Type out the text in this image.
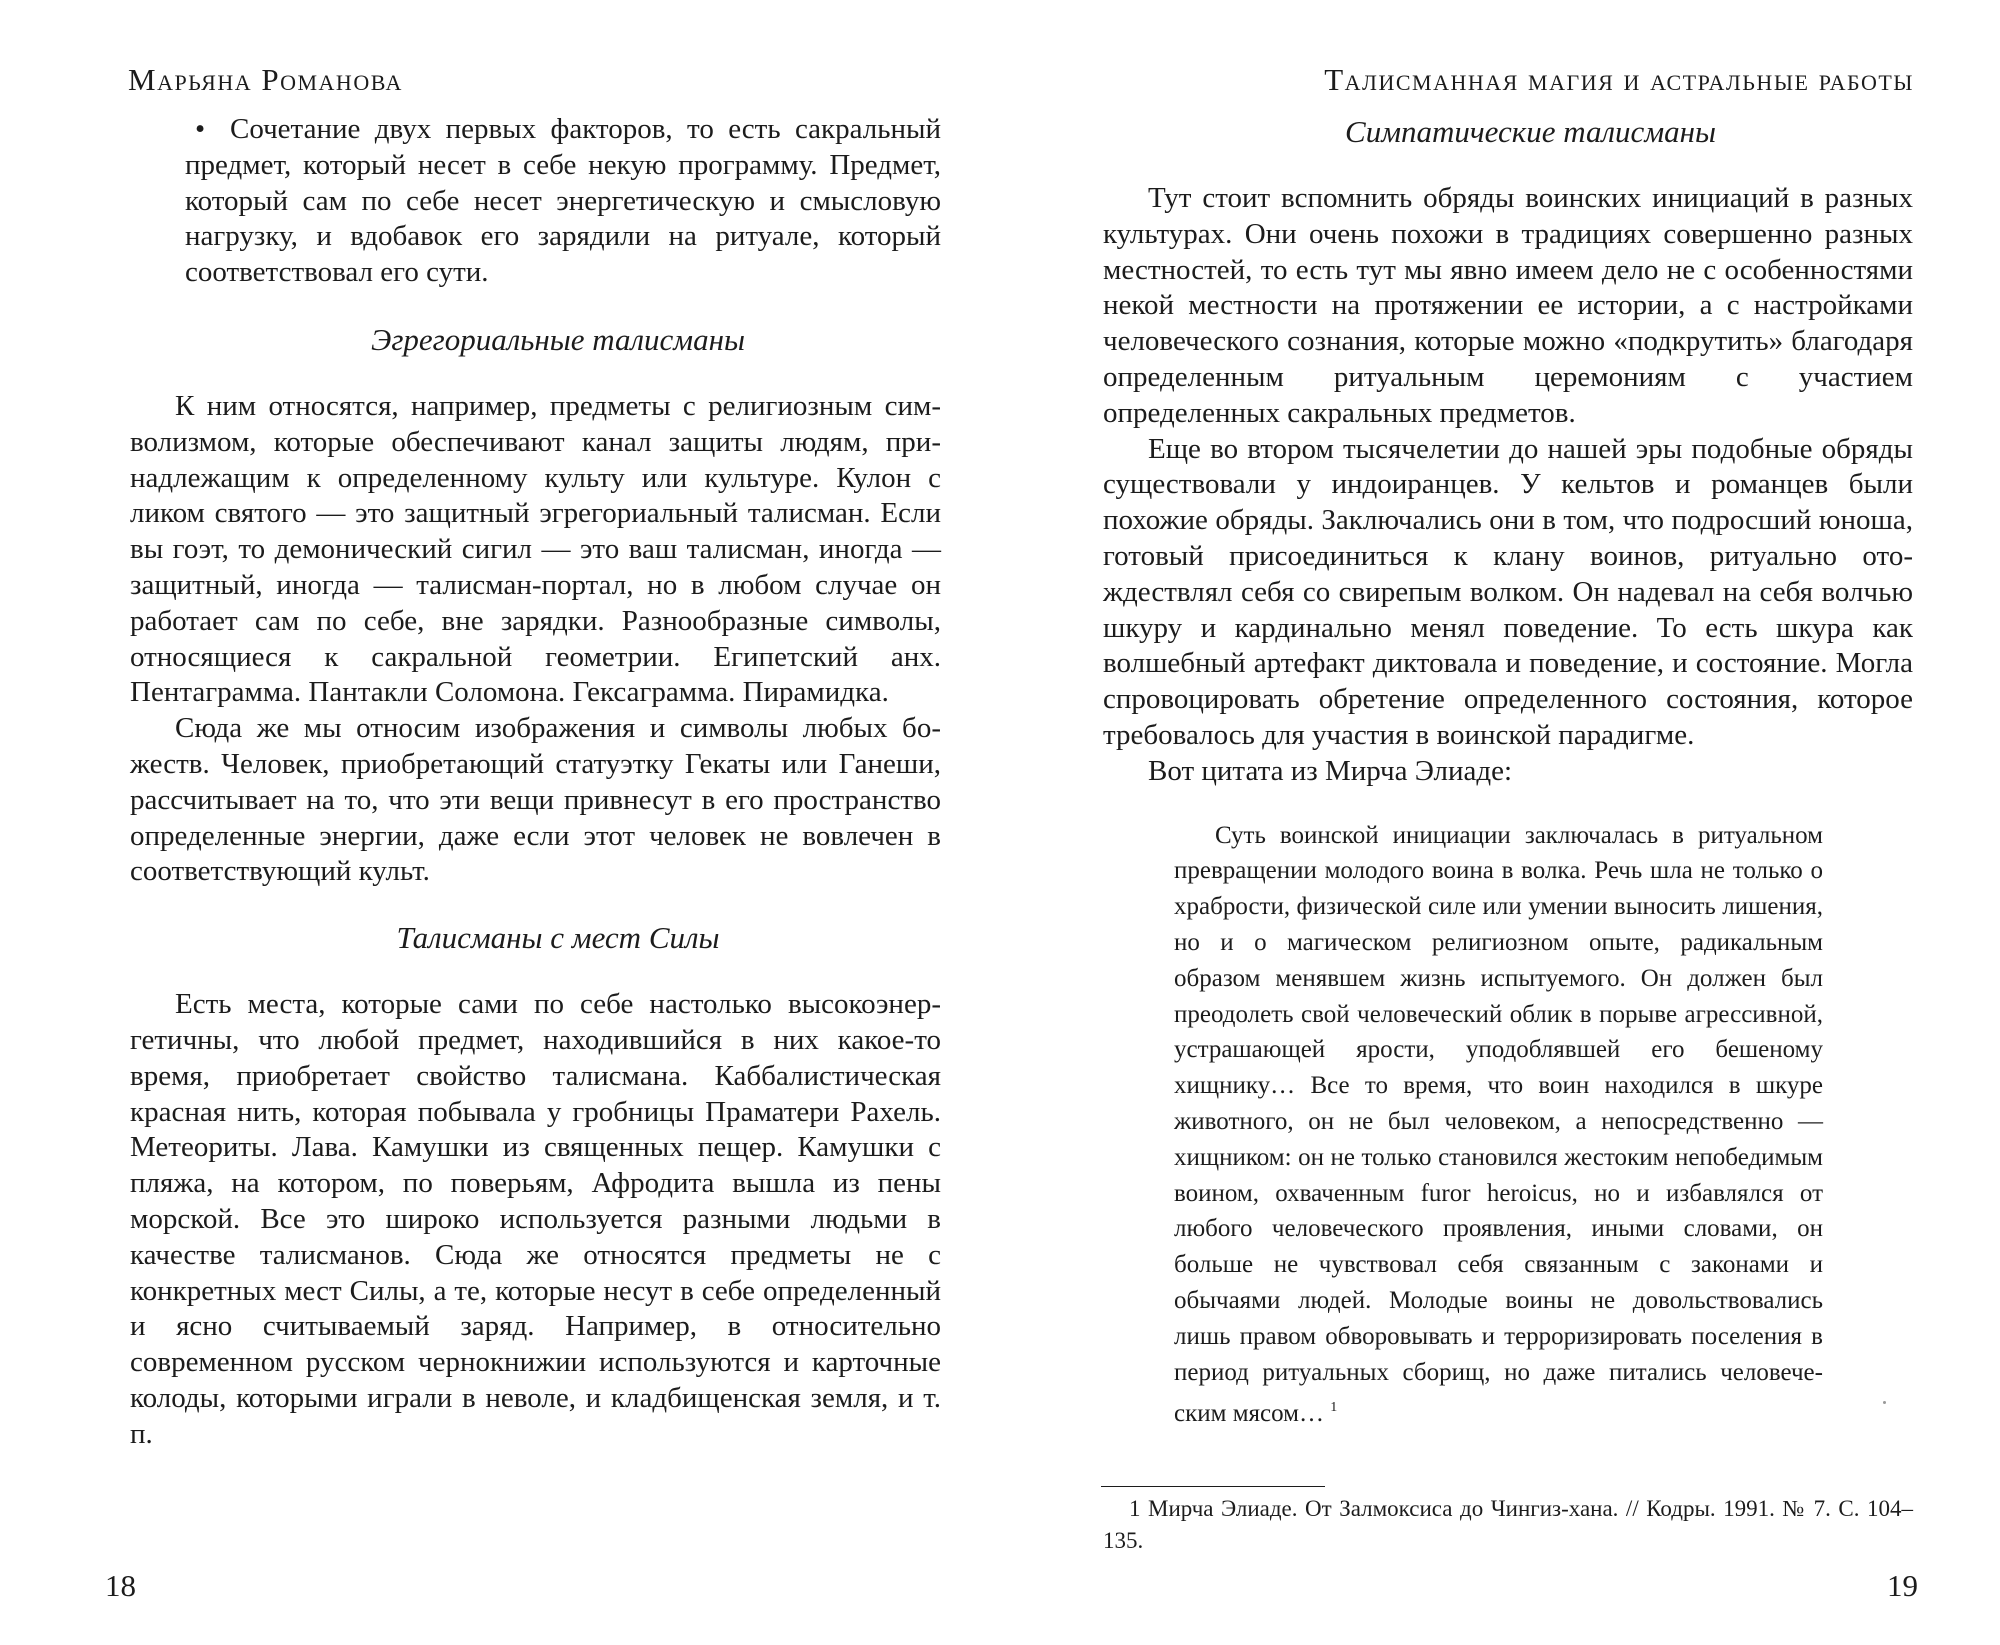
Марьяна Романова

• Сочетание двух первых факторов, то есть сакральный предмет, который несет в себе некую программу. Предмет, который сам по себе несет энергетическую и смысловую нагрузку, и вдобавок его зарядили на ритуале, который соответствовал его сути.

Эгрегориальные талисманы

К ним относятся, например, предметы с религиозным символизмом, которые обеспечивают канал защиты людям, принадлежащим к определенному культу или культуре. Кулон с ликом святого — это защитный эгрегориальный талисман. Если вы гоэт, то демонический сигил — это ваш талисман, иногда — защитный, иногда — талисман-портал, но в любом случае он работает сам по себе, вне зарядки. Разнообразные символы, относящиеся к сакральной геометрии. Египетский анх. Пентаграмма. Пантакли Соломона. Гексаграмма. Пирамидка.

Сюда же мы относим изображения и символы любых божеств. Человек, приобретающий статуэтку Гекаты или Ганеши, рассчитывает на то, что эти вещи привнесут в его пространство определенные энергии, даже если этот человек не вовлечен в соответствующий культ.

Талисманы с мест Силы

Есть места, которые сами по себе настолько высокоэнергетичны, что любой предмет, находившийся в них какое-то время, приобретает свойство талисмана. Каббалистическая красная нить, которая побывала у гробницы Праматери Рахель. Метеориты. Лава. Камушки из священных пещер. Камушки с пляжа, на котором, по поверьям, Афродита вышла из пены морской. Все это широко используется разными людьми в качестве талисманов. Сюда же относятся предметы не с конкретных мест Силы, а те, которые несут в себе определенный и ясно считываемый заряд. Например, в относительно современном русском чернокнижии используются и карточные колоды, которыми играли в неволе, и кладбищенская земля, и т. п.

18
Талисманная магия и астральные работы

Симпатические талисманы

Тут стоит вспомнить обряды воинских инициаций в разных культурах. Они очень похожи в традициях совершенно разных местностей, то есть тут мы явно имеем дело не с особенностями некой местности на протяжении ее истории, а с настройками человеческого сознания, которые можно «подкрутить» благодаря определенным ритуальным церемониям с участием определенных сакральных предметов.

Еще во втором тысячелетии до нашей эры подобные обряды существовали у индоиранцев. У кельтов и романцев были похожие обряды. Заключались они в том, что подросший юноша, готовый присоединиться к клану воинов, ритуально отождествлял себя со свирепым волком. Он надевал на себя волчью шкуру и кардинально менял поведение. То есть шкура как волшебный артефакт диктовала и поведение, и состояние. Могла спровоцировать обретение определенного состояния, которое требовалось для участия в воинской парадигме.

Вот цитата из Мирча Элиаде:

Суть воинской инициации заключалась в ритуальном превращении молодого воина в волка. Речь шла не только о храбрости, физической силе или умении выносить лишения, но и о магическом религиозном опыте, радикальным образом менявшем жизнь испытуемого. Он должен был преодолеть свой человеческий облик в порыве агрессивной, устрашающей ярости, уподоблявшей его бешеному хищнику… Все то время, что воин находился в шкуре животного, он не был человеком, а непосредственно — хищником: он не только становился жестоким непобедимым воином, охваченным furor heroicus, но и избавлялся от любого человеческого проявления, иными словами, он больше не чувствовал себя связанным с законами и обычаями людей. Молодые воины не довольствовались лишь правом обворовывать и терроризировать поселения в период ритуальных сборищ, но даже питались человеческим мясом… $^1$

1 Мирча Элиаде. От Залмоксиса до Чингиз-хана. // Кодры. 1991. № 7. С. 104–135.

19
